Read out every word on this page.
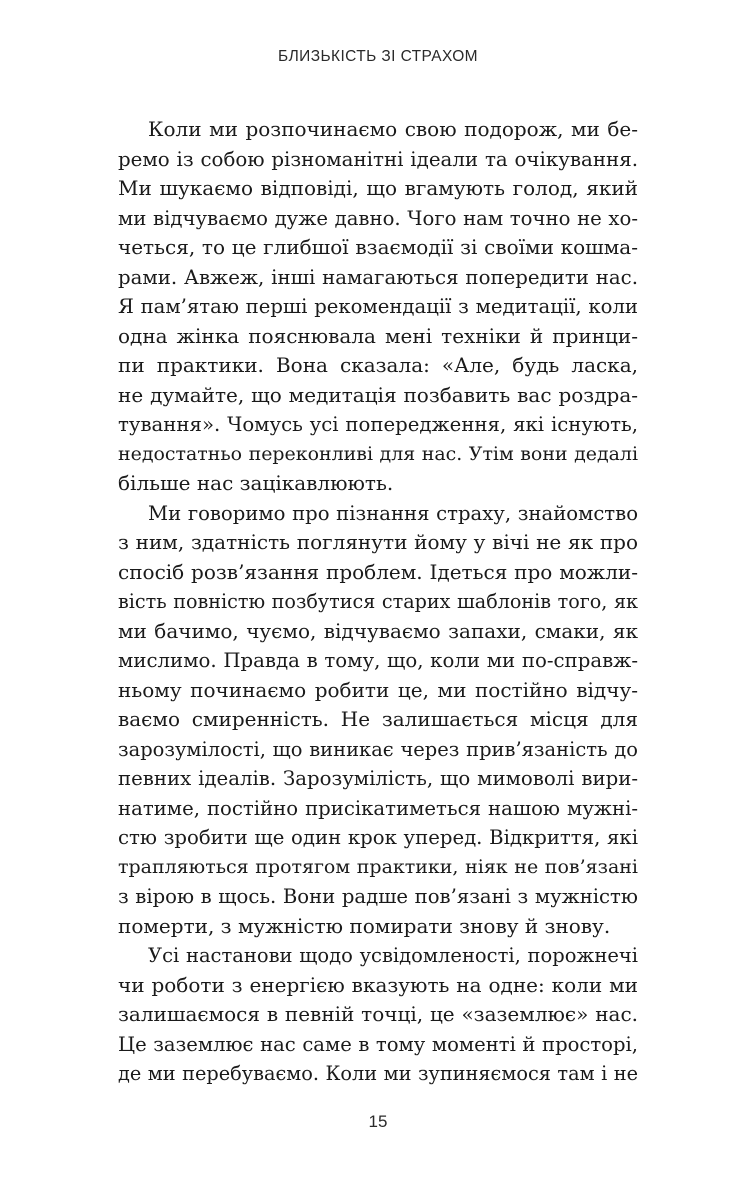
БЛИЗЬКІСТЬ ЗІ СТРАХОМ
Коли ми розпочинаємо свою подорож, ми бе-
ремо із собою різноманітні ідеали та очікування.
Ми шукаємо відповіді, що вгамують голод, який
ми відчуваємо дуже давно. Чого нам точно не хо-
четься, то це глибшої взаємодії зі своїми кошма-
рами. Авжеж, інші намагаються попередити нас.
Я пам’ятаю перші рекомендації з медитації, коли
одна жінка пояснювала мені техніки й принци-
пи практики. Вона сказала: «Але, будь ласка,
не думайте, що медитація позбавить вас роздра-
тування». Чомусь усі попередження, які існують,
недостатньо переконливі для нас. Утім вони дедалі
більше нас зацікавлюють.
Ми говоримо про пізнання страху, знайомство
з ним, здатність поглянути йому у вічі не як про
спосіб розв’язання проблем. Ідеться про можли-
вість повністю позбутися старих шаблонів того, як
ми бачимо, чуємо, відчуваємо запахи, смаки, як
мислимо. Правда в тому, що, коли ми по-справж-
ньому починаємо робити це, ми постійно відчу-
ваємо смиренність. Не залишається місця для
зарозумілості, що виникає через прив’язаність до
певних ідеалів. Зарозумілість, що мимоволі вири-
натиме, постійно присікатиметься нашою мужні-
стю зробити ще один крок уперед. Відкриття, які
трапляються протягом практики, ніяк не пов’язані
з вірою в щось. Вони радше пов’язані з мужністю
померти, з мужністю помирати знову й знову.
Усі настанови щодо усвідомленості, порожнечі
чи роботи з енергією вказують на одне: коли ми
залишаємося в певній точці, це «заземлює» нас.
Це заземлює нас саме в тому моменті й просторі,
де ми перебуваємо. Коли ми зупиняємося там і не
15
